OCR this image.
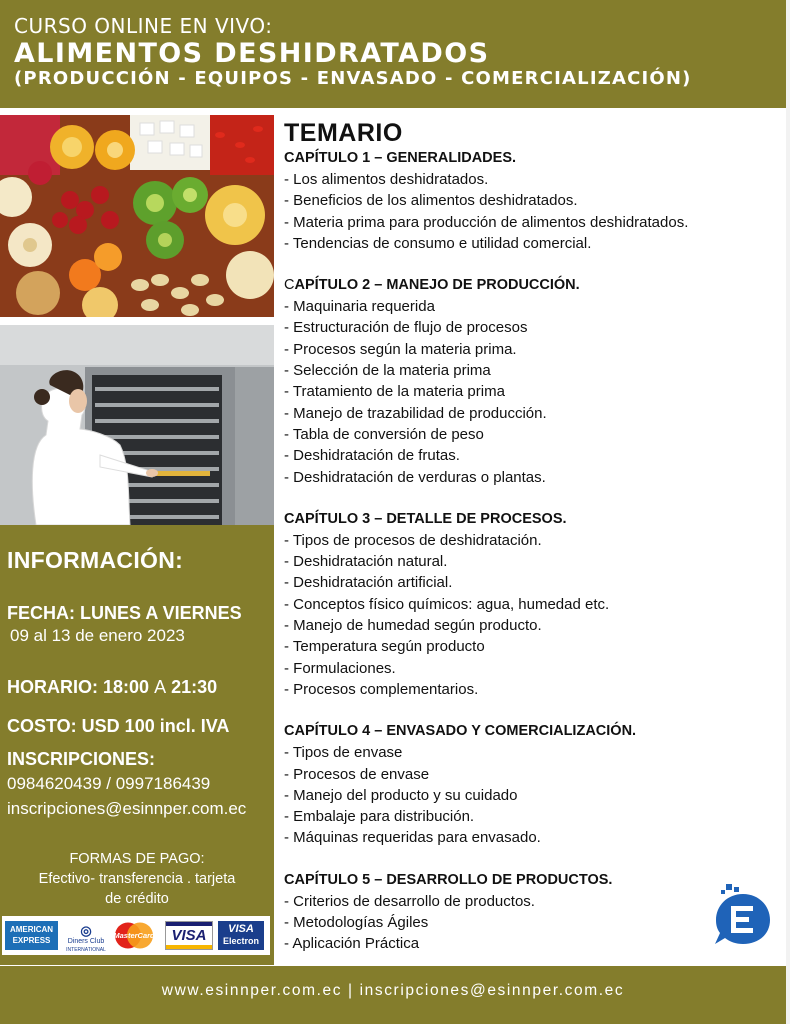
CURSO ONLINE EN VIVO:
ALIMENTOS DESHIDRATADOS
(PRODUCCIÓN - EQUIPOS - ENVASADO - COMERCIALIZACIÓN)
INFORMACIÓN:
FECHA: LUNES A VIERNES
09 al 13 de enero 2023
HORARIO: 18:00 A 21:30
COSTO: USD 100 incl. IVA
INSCRIPCIONES:
0984620439 / 0997186439
inscripciones@esinnper.com.ec
FORMAS DE PAGO:
Efectivo- transferencia . tarjeta
de crédito
AMERICAN
EXPRESS
◎
Diners Club
INTERNATIONAL
MasterCard	VISA	VISA
Electron
TEMARIO
CAPÍTULO 1 – GENERALIDADES.
- Los alimentos deshidratados.
- Beneficios de los alimentos deshidratados.
- Materia prima para producción de alimentos deshidratados.
- Tendencias de consumo e utilidad comercial.
CAPÍTULO 2 – MANEJO DE PRODUCCIÓN.
- Maquinaria requerida
- Estructuración de flujo de procesos
- Procesos según la materia prima.
- Selección de la materia prima
- Tratamiento de la materia prima
- Manejo de trazabilidad de producción.
- Tabla de conversión de peso
- Deshidratación de frutas.
- Deshidratación de verduras o plantas.
CAPÍTULO 3 – DETALLE DE PROCESOS.
- Tipos de procesos de deshidratación.
- Deshidratación natural.
- Deshidratación artificial.
- Conceptos físico químicos: agua, humedad etc.
- Manejo de humedad según producto.
- Temperatura según producto
- Formulaciones.
- Procesos complementarios.
CAPÍTULO 4 – ENVASADO Y COMERCIALIZACIÓN.
- Tipos de envase
- Procesos de envase
- Manejo del producto y su cuidado
- Embalaje para distribución.
- Máquinas requeridas para envasado.
CAPÍTULO 5 – DESARROLLO DE PRODUCTOS.
- Criterios de desarrollo de productos.
- Metodologías Ágiles
- Aplicación Práctica
www.esinnper.com.ec | inscripciones@esinnper.com.ec
